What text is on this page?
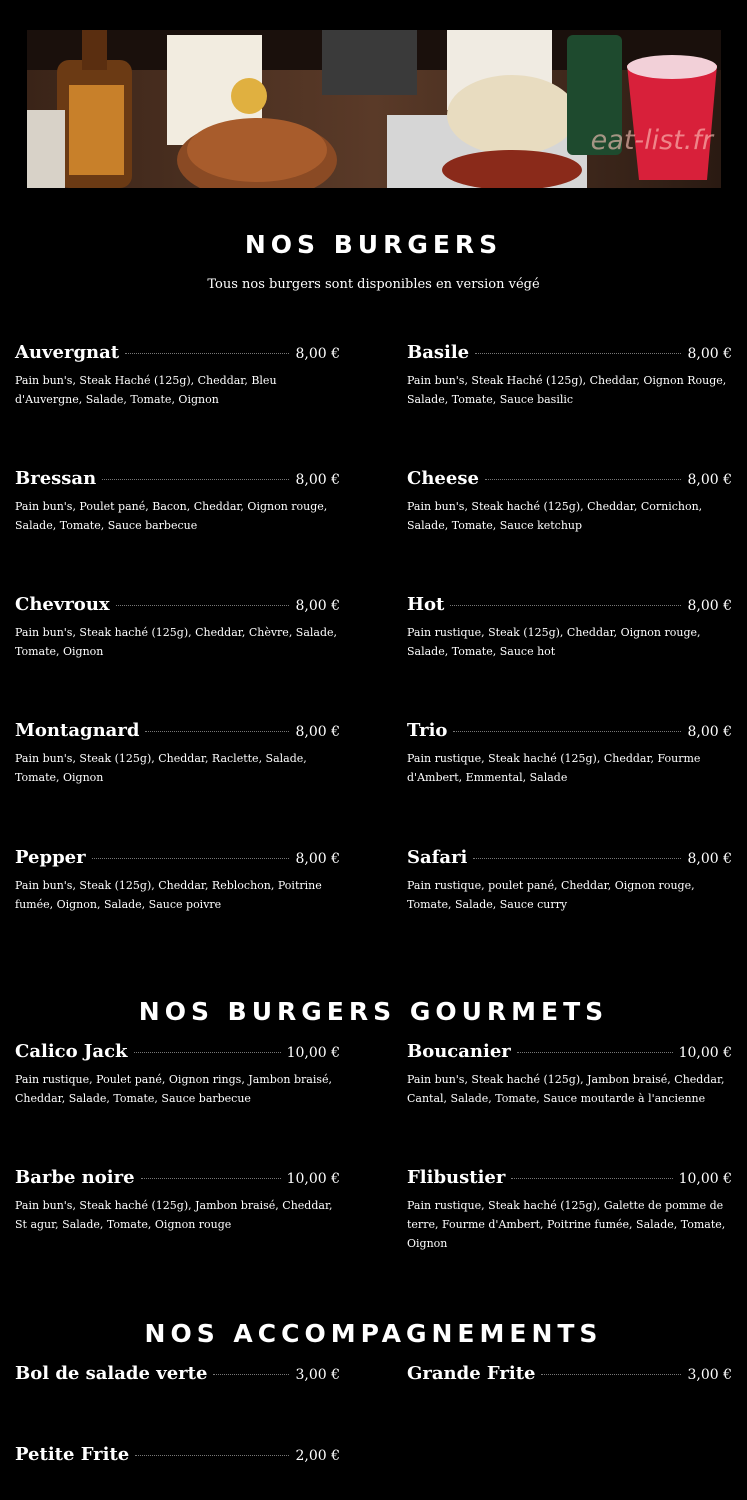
eat-list.fr
NOS BURGERS
Tous nos burgers sont disponibles en version végé
Auvergnat	8,00 €
Pain bun's, Steak Haché (125g), Cheddar, Bleu d'Auvergne, Salade, Tomate, Oignon
Basile	8,00 €
Pain bun's, Steak Haché (125g), Cheddar, Oignon Rouge, Salade, Tomate, Sauce basilic
Bressan	8,00 €
Pain bun's, Poulet pané, Bacon, Cheddar, Oignon rouge, Salade, Tomate, Sauce barbecue
Cheese	8,00 €
Pain bun's, Steak haché (125g), Cheddar, Cornichon, Salade, Tomate, Sauce ketchup
Chevroux	8,00 €
Pain bun's, Steak haché (125g), Cheddar, Chèvre, Salade, Tomate, Oignon
Hot	8,00 €
Pain rustique, Steak (125g), Cheddar, Oignon rouge, Salade, Tomate, Sauce hot
Montagnard	8,00 €
Pain bun's, Steak (125g), Cheddar, Raclette, Salade, Tomate, Oignon
Trio	8,00 €
Pain rustique, Steak haché (125g), Cheddar, Fourme d'Ambert, Emmental, Salade
Pepper	8,00 €
Pain bun's, Steak (125g), Cheddar, Reblochon, Poitrine fumée, Oignon, Salade, Sauce poivre
Safari	8,00 €
Pain rustique, poulet pané, Cheddar, Oignon rouge, Tomate, Salade, Sauce curry
NOS BURGERS GOURMETS
Calico Jack	10,00 €
Pain rustique, Poulet pané, Oignon rings, Jambon braisé, Cheddar, Salade, Tomate, Sauce barbecue
Boucanier	10,00 €
Pain bun's, Steak haché (125g), Jambon braisé, Cheddar, Cantal, Salade, Tomate, Sauce moutarde à l'ancienne
Barbe noire	10,00 €
Pain bun's, Steak haché (125g), Jambon braisé, Cheddar, St agur, Salade, Tomate, Oignon rouge
Flibustier	10,00 €
Pain rustique, Steak haché (125g), Galette de pomme de terre, Fourme d'Ambert, Poitrine fumée, Salade, Tomate, Oignon
NOS ACCOMPAGNEMENTS
Bol de salade verte	3,00 €	Grande Frite	3,00 €
Petite Frite	2,00 €
